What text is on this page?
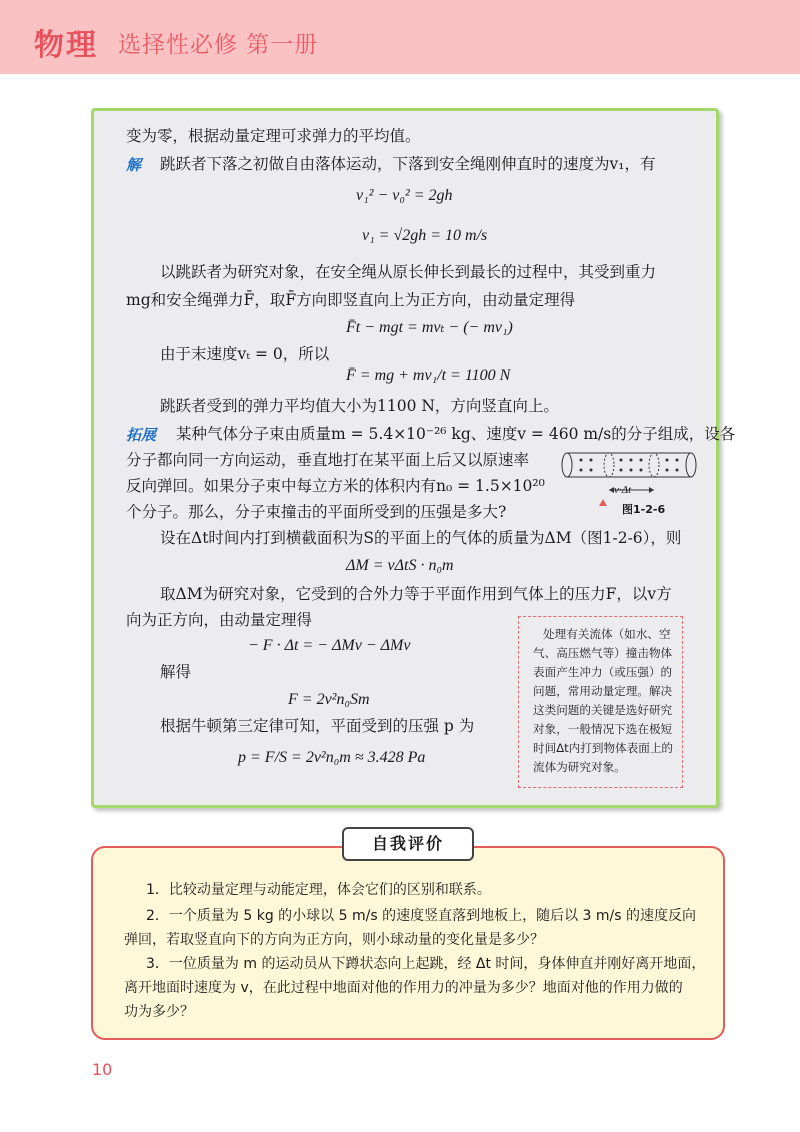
物理 选择性必修 第一册
变为零，根据动量定理可求弹力的平均值。
解 跳跃者下落之初做自由落体运动，下落到安全绳刚伸直时的速度为v₁，有
v₁² − v₀² = 2gh
v₁ = √2gh = 10 m/s
以跳跃者为研究对象，在安全绳从原长伸长到最长的过程中，其受到重力
mg和安全绳弹力F̄，取F̄方向即竖直向上为正方向，由动量定理得
F̄t − mgt = mvₜ − (− mv₁)
由于末速度vₜ = 0，所以
F̄ = mg + mv₁/t = 1100 N
跳跃者受到的弹力平均值大小为1100 N，方向竖直向上。
拓展 某种气体分子束由质量m = 5.4×10⁻²⁶ kg、速度v = 460 m/s的分子组成，设各
分子都向同一方向运动，垂直地打在某平面上后又以原速率
反向弹回。如果分子束中每立方米的体积内有n₀ = 1.5×10²⁰
个分子。那么，分子束撞击的平面所受到的压强是多大?
v·Δt
图1-2-6
设在Δt时间内打到横截面积为S的平面上的气体的质量为ΔM（图1-2-6），则
ΔM = vΔtS · n₀m
取ΔM为研究对象，它受到的合外力等于平面作用到气体上的压力F，以v方
向为正方向，由动量定理得
− F · Δt = − ΔMv − ΔMv
解得
F = 2v²n₀Sm
根据牛顿第三定律可知，平面受到的压强 p 为
p = F/S = 2v²n₀m ≈ 3.428 Pa
处理有关流体（如水、空
气、高压燃气等）撞击物体
表面产生冲力（或压强）的
问题，常用动量定理。解决
这类问题的关键是选好研究
对象，一般情况下选在极短
时间Δt内打到物体表面上的
流体为研究对象。
自我评价
1．比较动量定理与动能定理，体会它们的区别和联系。
2．一个质量为 5 kg 的小球以 5 m/s 的速度竖直落到地板上，随后以 3 m/s 的速度反向
弹回，若取竖直向下的方向为正方向，则小球动量的变化量是多少？
3．一位质量为 m 的运动员从下蹲状态向上起跳，经 Δt 时间，身体伸直并刚好离开地面，
离开地面时速度为 v，在此过程中地面对他的作用力的冲量为多少？地面对他的作用力做的
功为多少？
10
